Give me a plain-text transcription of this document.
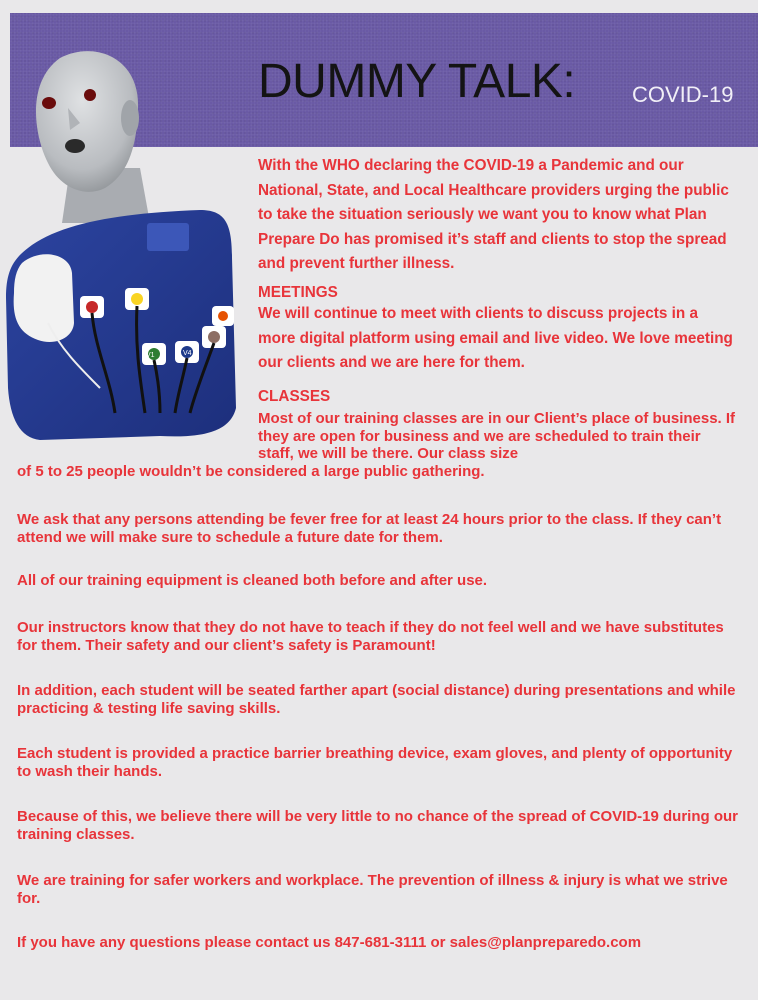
DUMMY TALK:	COVID-19
V1	V4

With the WHO declaring the COVID-19 a Pandemic and our National, State, and Local Healthcare providers urging the public to take the situation seriously we want you to know what Plan Prepare Do has promised it’s staff and clients to stop the spread and prevent further illness.

MEETINGS

We will continue to meet with clients to discuss projects in a more digital platform using email and live video. We love meeting our clients and we are here for them.

CLASSES

Most of our training classes are in our Client’s place of business. If they are open for business and we are scheduled to train their staff, we will be there. Our class size

of 5 to 25 people wouldn’t be considered a large public gathering.

We ask that any persons attending be fever free for at least 24 hours prior to the class. If they can’t attend we will make sure to schedule a future date for them.

All of our training equipment is cleaned both before and after use.

Our instructors know that they do not have to teach if they do not feel well and we have substitutes for them. Their safety and our client’s safety is Paramount!

In addition, each student will be seated farther apart (social distance) during presentations and while practicing & testing life saving skills.

Each student is provided a practice barrier breathing device, exam gloves, and plenty of opportunity to wash their hands.

Because of this, we believe there will be very little to no chance of the spread of COVID-19 during our training classes.

We are training for safer workers and workplace. The prevention of illness & injury is what we strive for.

If you have any questions please contact us 847-681-3111 or sales@planpreparedo.com
